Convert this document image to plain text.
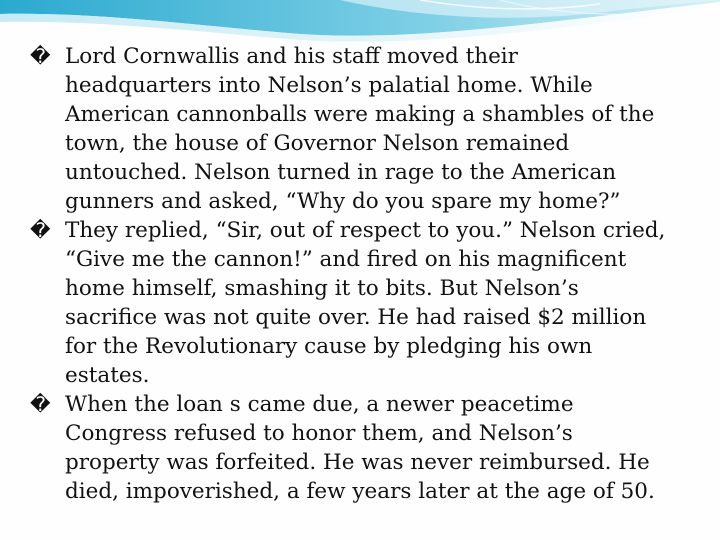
� Lord Cornwallis and his staff moved their
headquarters into Nelson’s palatial home. While
American cannonballs were making a shambles of the
town, the house of Governor Nelson remained
untouched. Nelson turned in rage to the American
gunners and asked, “Why do you spare my home?”
� They replied, “Sir, out of respect to you.” Nelson cried,
“Give me the cannon!” and fired on his magnificent
home himself, smashing it to bits. But Nelson’s
sacrifice was not quite over. He had raised $2 million
for the Revolutionary cause by pledging his own
estates.
� When the loan s came due, a newer peacetime
Congress refused to honor them, and Nelson’s
property was forfeited. He was never reimbursed. He
died, impoverished, a few years later at the age of 50.
